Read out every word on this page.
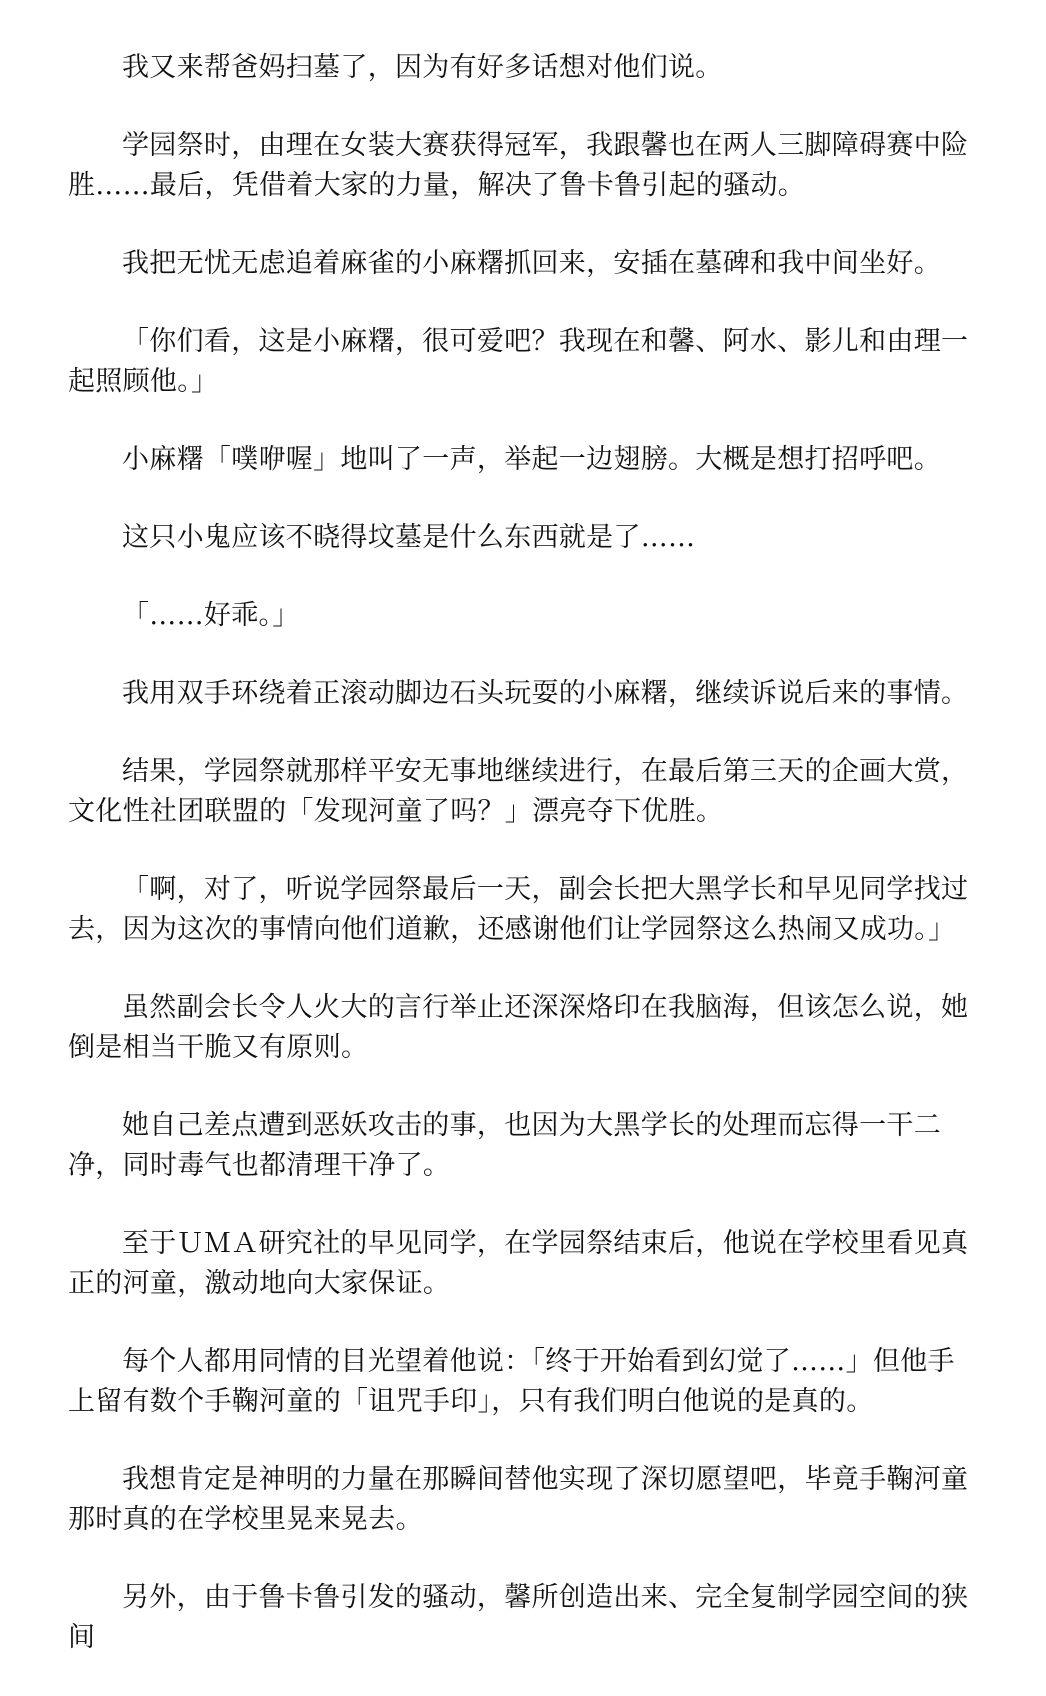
我又来帮爸妈扫墓了，因为有好多话想对他们说。

学园祭时，由理在女装大赛获得冠军，我跟馨也在两人三脚障碍赛中险胜……最后，凭借着大家的力量，解决了鲁卡鲁引起的骚动。

我把无忧无虑追着麻雀的小麻糬抓回来，安插在墓碑和我中间坐好。

「你们看，这是小麻糬，很可爱吧？我现在和馨、阿水、影儿和由理一起照顾他。」

小麻糬「噗咿喔」地叫了一声，举起一边翅膀。大概是想打招呼吧。

这只小鬼应该不晓得坟墓是什么东西就是了……

「……好乖。」

我用双手环绕着正滚动脚边石头玩耍的小麻糬，继续诉说后来的事情。

结果，学园祭就那样平安无事地继续进行，在最后第三天的企画大赏，文化性社团联盟的「发现河童了吗？」漂亮夺下优胜。

「啊，对了，听说学园祭最后一天，副会长把大黑学长和早见同学找过去，因为这次的事情向他们道歉，还感谢他们让学园祭这么热闹又成功。」

虽然副会长令人火大的言行举止还深深烙印在我脑海，但该怎么说，她倒是相当干脆又有原则。

她自己差点遭到恶妖攻击的事，也因为大黑学长的处理而忘得一干二净，同时毒气也都清理干净了。

至于ＵＭＡ研究社的早见同学，在学园祭结束后，他说在学校里看见真正的河童，激动地向大家保证。

每个人都用同情的目光望着他说：「终于开始看到幻觉了……」但他手上留有数个手鞠河童的「诅咒手印」，只有我们明白他说的是真的。

我想肯定是神明的力量在那瞬间替他实现了深切愿望吧，毕竟手鞠河童那时真的在学校里晃来晃去。

另外，由于鲁卡鲁引发的骚动，馨所创造出来、完全复制学园空间的狭间
